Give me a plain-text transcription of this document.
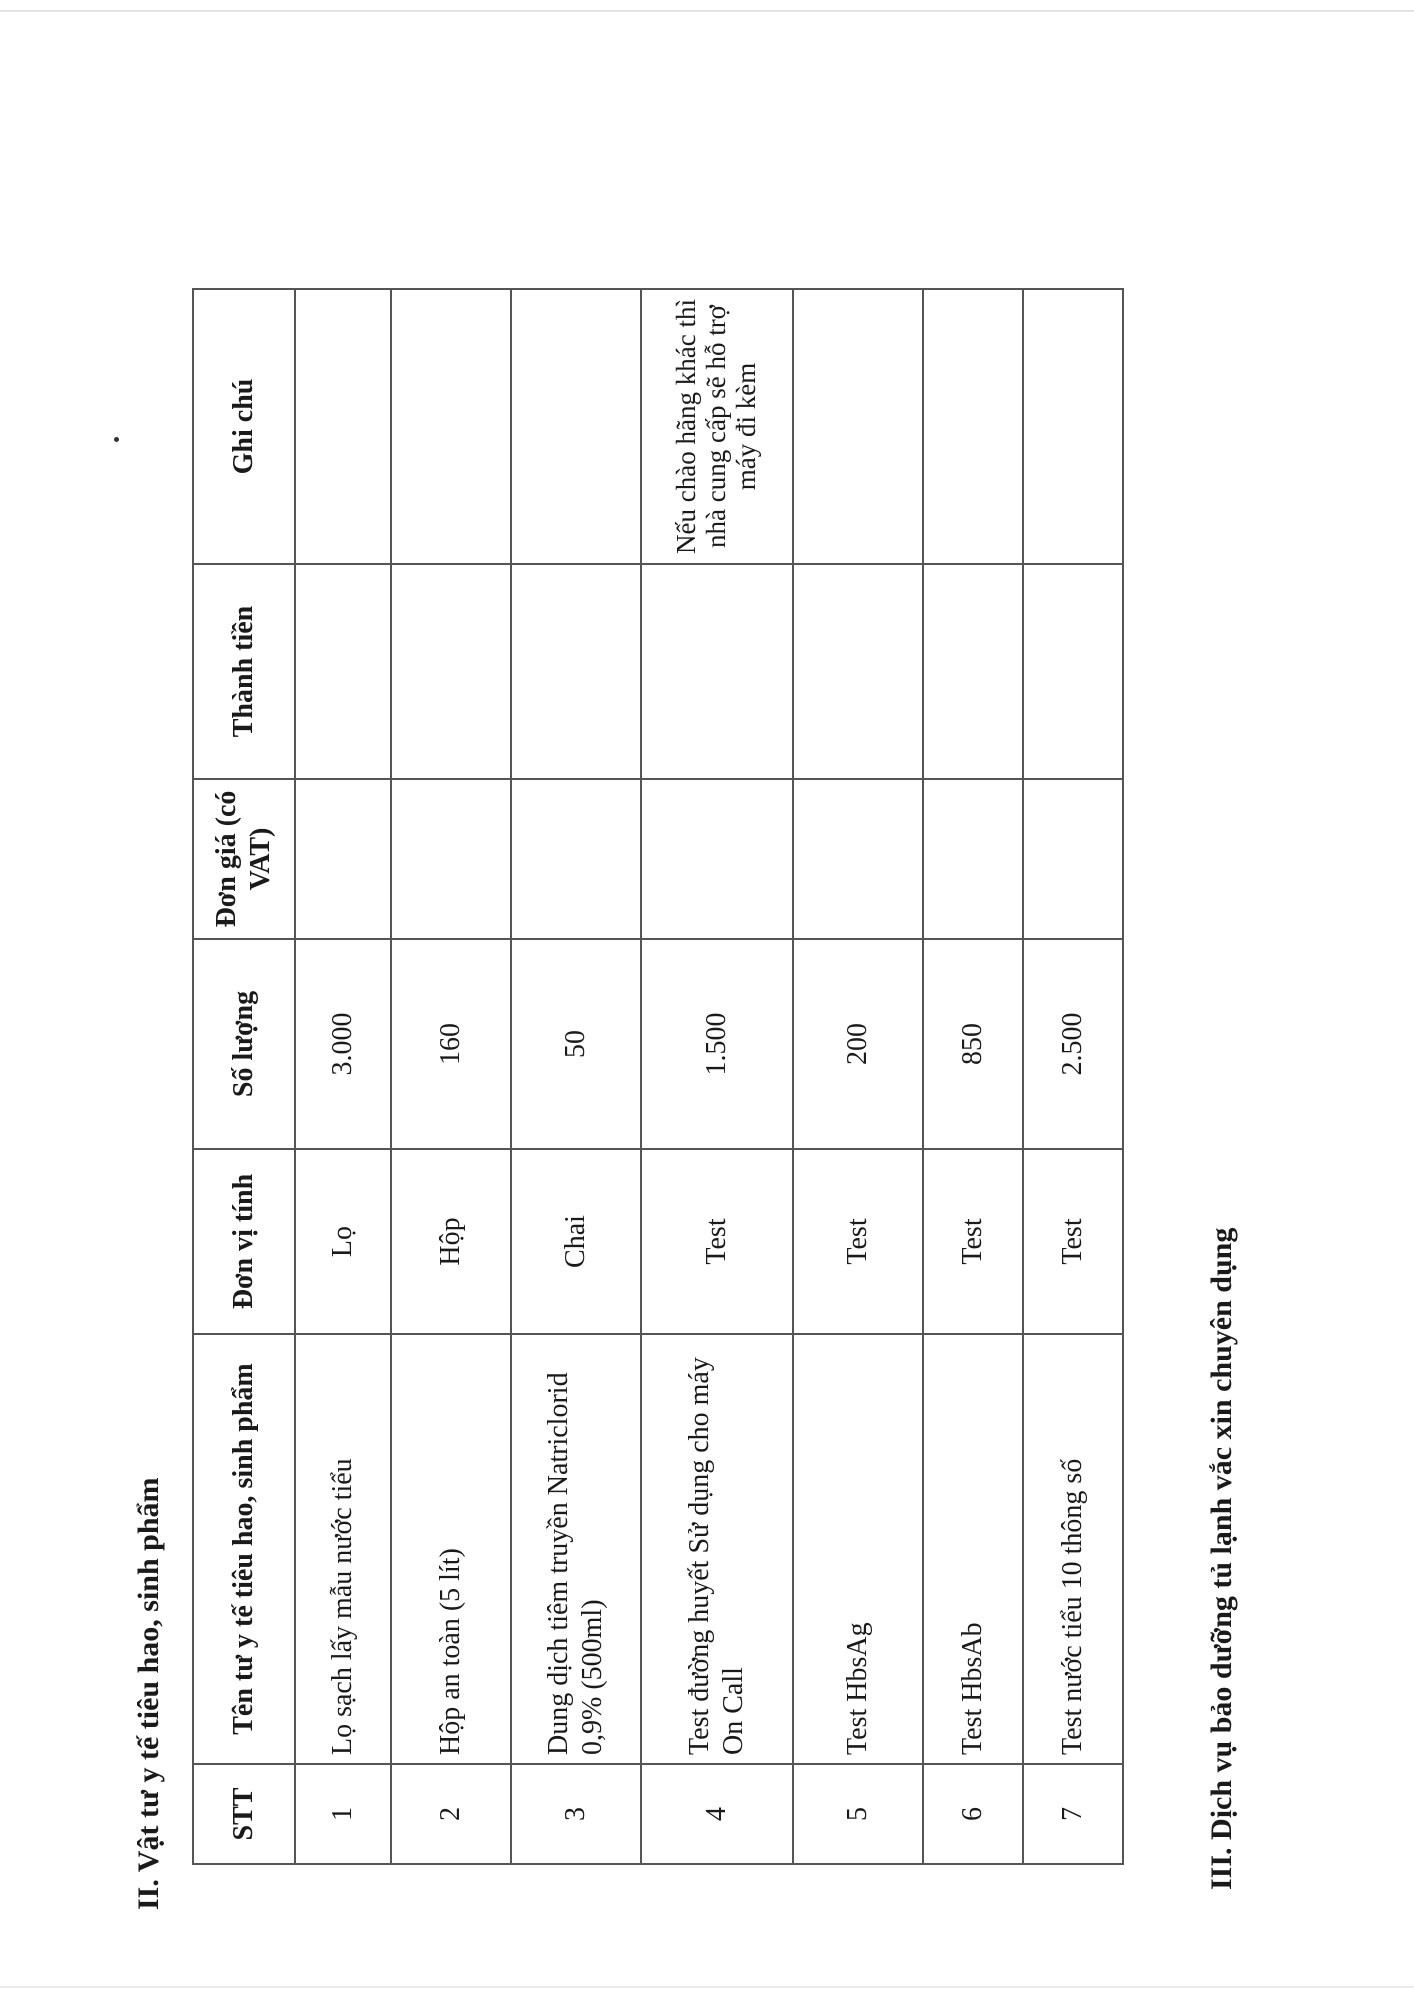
II. Vật tư y tế tiêu hao, sinh phẩm STT	Tên tư y tế tiêu hao, sinh phẩm	Đơn vị tính	Số lượng	Đơn giá (có VAT)	Thành tiền	Ghi chú
1	Lọ sạch lấy mẫu nước tiểu	Lọ	3.000			
2	Hộp an toàn (5 lít)	Hộp	160			
3	Dung dịch tiêm truyền Natriclorid 0,9% (500ml)	Chai	50			
4	Test đường huyết Sử dụng cho máy On Call	Test	1.500			Nếu chào hãng khác thì nhà cung cấp sẽ hỗ trợ máy đi kèm
5	Test HbsAg	Test	200			
6	Test HbsAb	Test	850			
7	Test nước tiểu 10 thông số	Test	2.500			
III. Dịch vụ bảo dưỡng tủ lạnh vắc xin chuyên dụng
